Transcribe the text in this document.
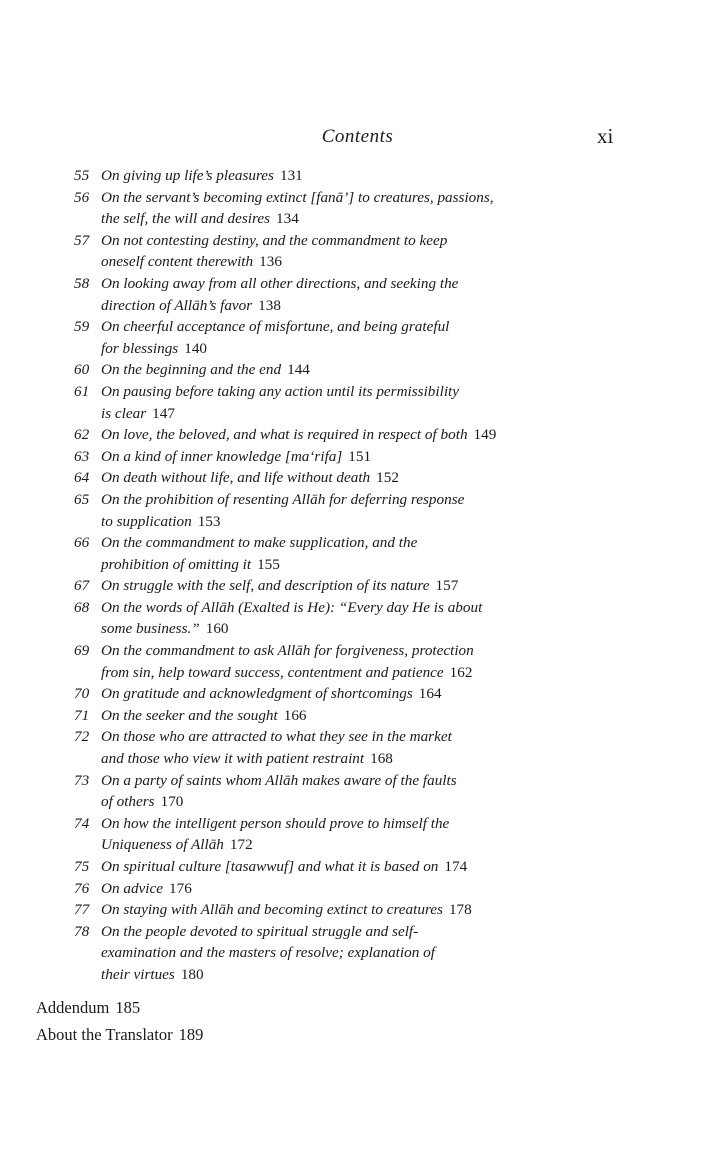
Contents	xi
55 On giving up life’s pleasures 131
56 On the servant’s becoming extinct [fanā’] to creatures, passions,
the self, the will and desires 134
57 On not contesting destiny, and the commandment to keep
oneself content therewith 136
58 On looking away from all other directions, and seeking the
direction of Allāh’s favor 138
59 On cheerful acceptance of misfortune, and being grateful
for blessings 140
60 On the beginning and the end 144
61 On pausing before taking any action until its permissibility
is clear 147
62 On love, the beloved, and what is required in respect of both 149
63 On a kind of inner knowledge [ma‘rifa] 151
64 On death without life, and life without death 152
65 On the prohibition of resenting Allāh for deferring response
to supplication 153
66 On the commandment to make supplication, and the
prohibition of omitting it 155
67 On struggle with the self, and description of its nature 157
68 On the words of Allāh (Exalted is He): “Every day He is about
some business.” 160
69 On the commandment to ask Allāh for forgiveness, protection
from sin, help toward success, contentment and patience 162
70 On gratitude and acknowledgment of shortcomings 164
71 On the seeker and the sought 166
72 On those who are attracted to what they see in the market
and those who view it with patient restraint 168
73 On a party of saints whom Allāh makes aware of the faults
of others 170
74 On how the intelligent person should prove to himself the
Uniqueness of Allāh 172
75 On spiritual culture [tasawwuf] and what it is based on 174
76 On advice 176
77 On staying with Allāh and becoming extinct to creatures 178
78 On the people devoted to spiritual struggle and self-
examination and the masters of resolve; explanation of
their virtues 180
Addendum 185
About the Translator 189
